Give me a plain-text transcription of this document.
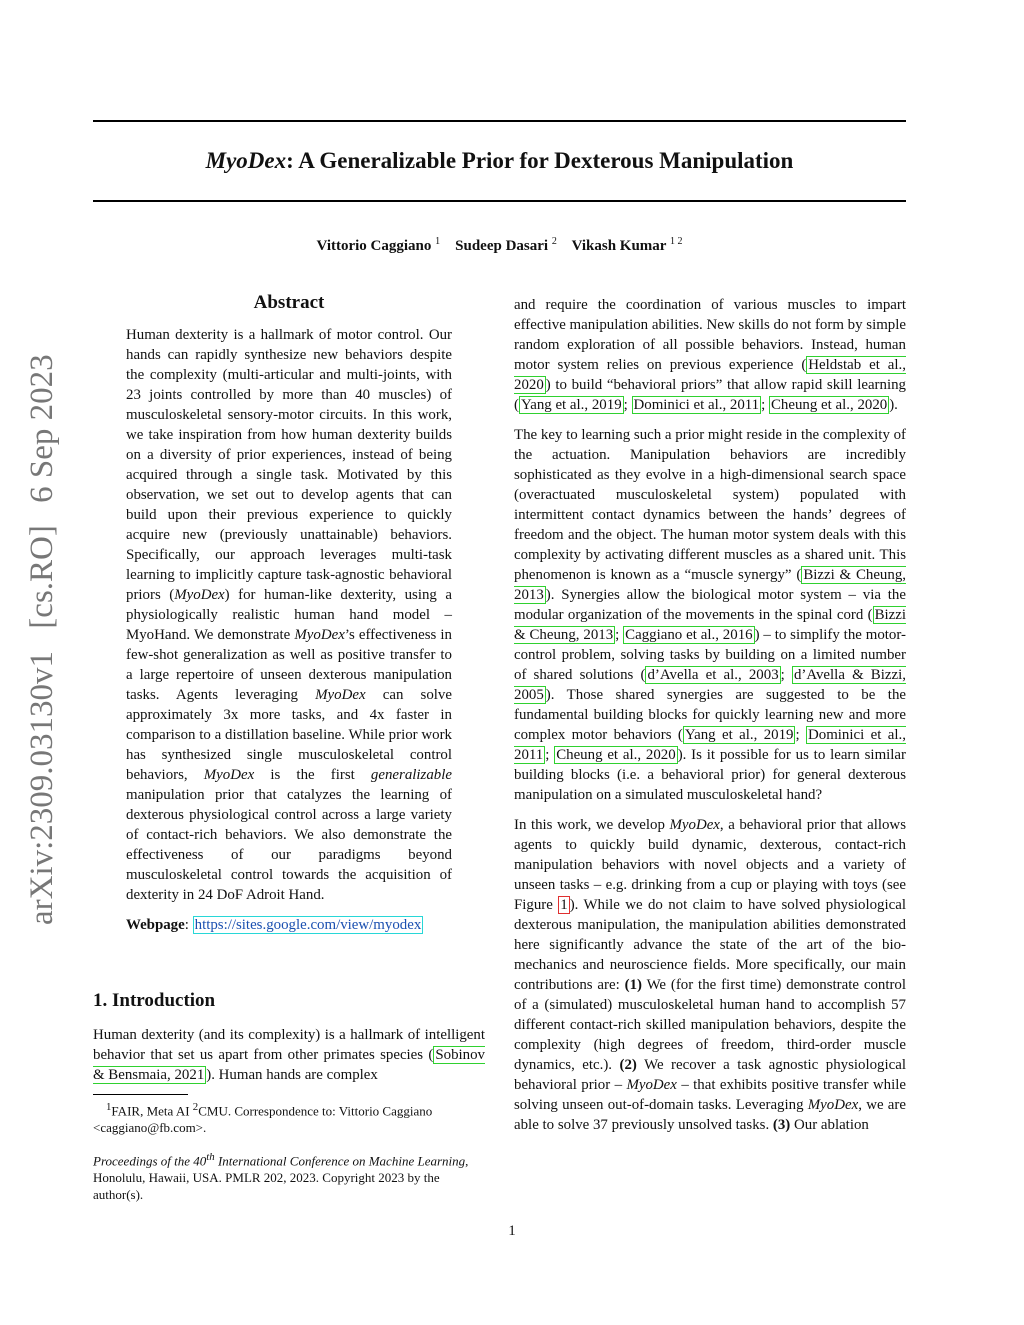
arXiv:2309.03130v1 [cs.RO] 6 Sep 2023
MyoDex: A Generalizable Prior for Dexterous Manipulation
Vittorio Caggiano $^1$ Sudeep Dasari $^2$ Vikash Kumar $^{1 2}$
Abstract

Human dexterity is a hallmark of motor control. Our hands can rapidly synthesize new behaviors despite the complexity (multi-articular and multi-joints, with 23 joints controlled by more than 40 muscles) of musculoskeletal sensory-motor circuits. In this work, we take inspiration from how human dexterity builds on a diversity of prior experiences, instead of being acquired through a single task. Motivated by this observation, we set out to develop agents that can build upon their previous experience to quickly acquire new (previously unattainable) behaviors. Specifically, our approach leverages multi-task learning to implicitly capture task-agnostic behavioral priors (MyoDex) for human-like dexterity, using a physiologically realistic human hand model – MyoHand. We demonstrate MyoDex’s effectiveness in few-shot generalization as well as positive transfer to a large repertoire of unseen dexterous manipulation tasks. Agents leveraging MyoDex can solve approximately 3x more tasks, and 4x faster in comparison to a distillation baseline. While prior work has synthesized single musculoskeletal control behaviors, MyoDex is the first generalizable manipulation prior that catalyzes the learning of dexterous physiological control across a large variety of contact-rich behaviors. We also demonstrate the effectiveness of our paradigms beyond musculoskeletal control towards the acquisition of dexterity in 24 DoF Adroit Hand.

Webpage: https://sites.google.com/view/myodex

1. Introduction

Human dexterity (and its complexity) is a hallmark of intelligent behavior that set us apart from other primates species ( Sobinov & Bensmaia, 2021 ). Human hands are complex

$^1$FAIR, Meta AI $^2$CMU. Correspondence to: Vittorio Caggiano <caggiano@fb.com>.
Proceedings of the 40th International Conference on Machine Learning, Honolulu, Hawaii, USA. PMLR 202, 2023. Copyright 2023 by the author(s).

and require the coordination of various muscles to impart effective manipulation abilities. New skills do not form by simple random exploration of all possible behaviors. Instead, human motor system relies on previous experience ( Heldstab et al., 2020 ) to build “behavioral priors” that allow rapid skill learning ( Yang et al., 2019 ; Dominici et al., 2011 ; Cheung et al., 2020 ).

The key to learning such a prior might reside in the complexity of the actuation. Manipulation behaviors are incredibly sophisticated as they evolve in a high-dimensional search space (overactuated musculoskeletal system) populated with intermittent contact dynamics between the hands’ degrees of freedom and the object. The human motor system deals with this complexity by activating different muscles as a shared unit. This phenomenon is known as a “muscle synergy” ( Bizzi & Cheung, 2013 ). Synergies allow the biological motor system – via the modular organization of the movements in the spinal cord ( Bizzi & Cheung, 2013 ; Caggiano et al., 2016 ) – to simplify the motor-control problem, solving tasks by building on a limited number of shared solutions ( d’Avella et al., 2003 ; d’Avella & Bizzi, 2005 ). Those shared synergies are suggested to be the fundamental building blocks for quickly learning new and more complex motor behaviors ( Yang et al., 2019 ; Dominici et al., 2011 ; Cheung et al., 2020 ). Is it possible for us to learn similar building blocks (i.e. a behavioral prior) for general dexterous manipulation on a simulated musculoskeletal hand?

In this work, we develop MyoDex, a behavioral prior that allows agents to quickly build dynamic, dexterous, contact-rich manipulation behaviors with novel objects and a variety of unseen tasks – e.g. drinking from a cup or playing with toys (see Figure 1 ). While we do not claim to have solved physiological dexterous manipulation, the manipulation abilities demonstrated here significantly advance the state of the art of the bio-mechanics and neuroscience fields. More specifically, our main contributions are: (1) We (for the first time) demonstrate control of a (simulated) musculoskeletal human hand to accomplish 57 different contact-rich skilled manipulation behaviors, despite the complexity (high degrees of freedom, third-order muscle dynamics, etc.). (2) We recover a task agnostic physiological behavioral prior – MyoDex – that exhibits positive transfer while solving unseen out-of-domain tasks. Leveraging MyoDex, we are able to solve 37 previously unsolved tasks. (3) Our ablation

1
